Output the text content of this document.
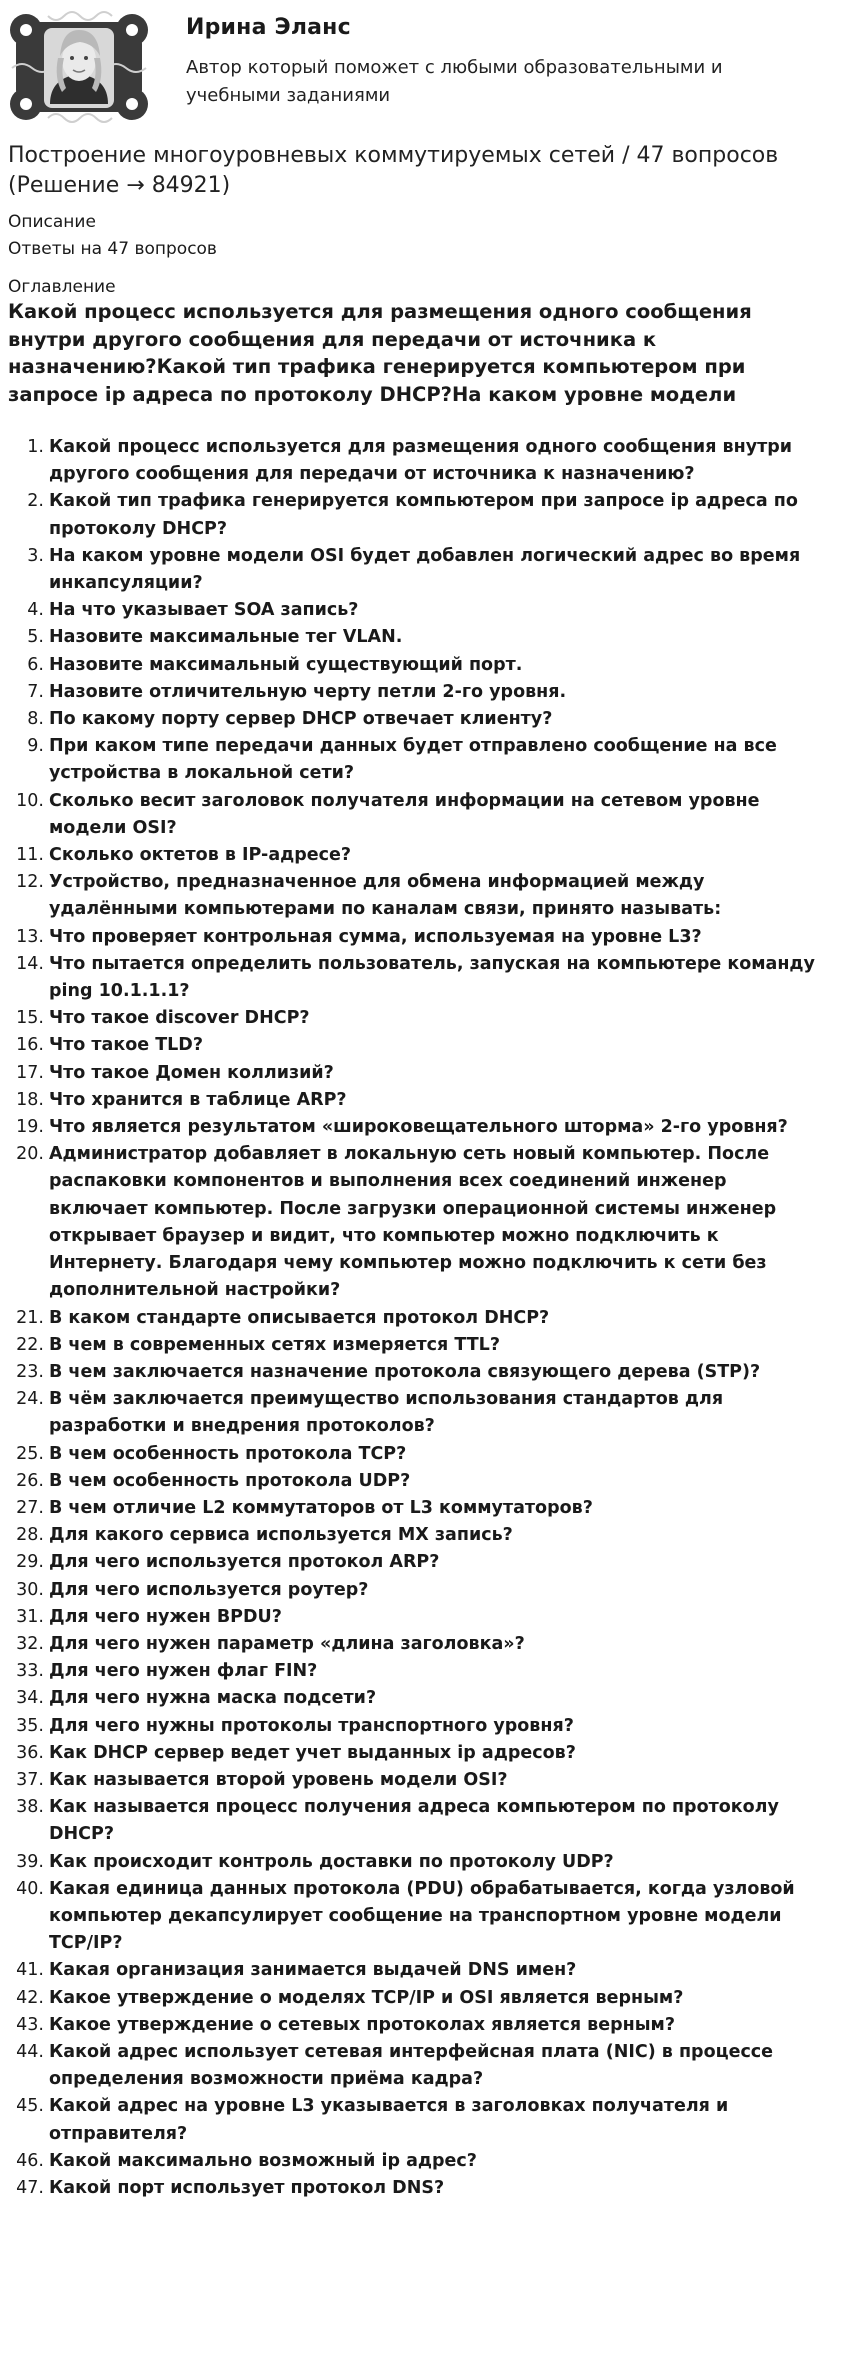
Ирина Эланс
Автор который поможет с любыми образовательными и учебными заданиями
Построение многоуровневых коммутируемых сетей / 47 вопросов (Решение → 84921)
Описание
Ответы на 47 вопросов
Оглавление
Какой процесс используется для размещения одного сообщения внутри другого сообщения для передачи от источника к назначению?Какой тип трафика генерируется компьютером при запросе ip адреса по протоколу DHCP?На каком уровне модели
1. Какой процесс используется для размещения одного сообщения внутри другого сообщения для передачи от источника к назначению?
2. Какой тип трафика генерируется компьютером при запросе ip адреса по протоколу DHCP?
3. На каком уровне модели OSI будет добавлен логический адрес во время инкапсуляции?
4. На что указывает SOA запись?
5. Назовите максимальные тег VLAN.
6. Назовите максимальный существующий порт.
7. Назовите отличительную черту петли 2-го уровня.
8. По какому порту сервер DHCP отвечает клиенту?
9. При каком типе передачи данных будет отправлено сообщение на все устройства в локальной сети?
10. Сколько весит заголовок получателя информации на сетевом уровне модели OSI?
11. Сколько октетов в IP-адресе?
12. Устройство, предназначенное для обмена информацией между удалёнными компьютерами по каналам связи, принято называть:
13. Что проверяет контрольная сумма, используемая на уровне L3?
14. Что пытается определить пользователь, запуская на компьютере команду ping 10.1.1.1?
15. Что такое discover DHCP?
16. Что такое TLD?
17. Что такое Домен коллизий?
18. Что хранится в таблице ARP?
19. Что является результатом «широковещательного шторма» 2-го уровня?
20. Администратор добавляет в локальную сеть новый компьютер. После распаковки компонентов и выполнения всех соединений инженер включает компьютер. После загрузки операционной системы инженер открывает браузер и видит, что компьютер можно подключить к Интернету. Благодаря чему компьютер можно подключить к сети без дополнительной настройки?
21. В каком стандарте описывается протокол DHCP?
22. В чем в современных сетях измеряется TTL?
23. В чем заключается назначение протокола связующего дерева (STP)?
24. В чём заключается преимущество использования стандартов для разработки и внедрения протоколов?
25. В чем особенность протокола TCP?
26. В чем особенность протокола UDP?
27. В чем отличие L2 коммутаторов от L3 коммутаторов?
28. Для какого сервиса используется MX запись?
29. Для чего используется протокол ARP?
30. Для чего используется роутер?
31. Для чего нужен BPDU?
32. Для чего нужен параметр «длина заголовка»?
33. Для чего нужен флаг FIN?
34. Для чего нужна маска подсети?
35. Для чего нужны протоколы транспортного уровня?
36. Как DHCP сервер ведет учет выданных ip адресов?
37. Как называется второй уровень модели OSI?
38. Как называется процесс получения адреса компьютером по протоколу DHCP?
39. Как происходит контроль доставки по протоколу UDP?
40. Какая единица данных протокола (PDU) обрабатывается, когда узловой компьютер декапсулирует сообщение на транспортном уровне модели TCP/IP?
41. Какая организация занимается выдачей DNS имен?
42. Какое утверждение о моделях TCP/IP и OSI является верным?
43. Какое утверждение о сетевых протоколах является верным?
44. Какой адрес использует сетевая интерфейсная плата (NIC) в процессе определения возможности приёма кадра?
45. Какой адрес на уровне L3 указывается в заголовках получателя и отправителя?
46. Какой максимально возможный ip адрес?
47. Какой порт использует протокол DNS?
